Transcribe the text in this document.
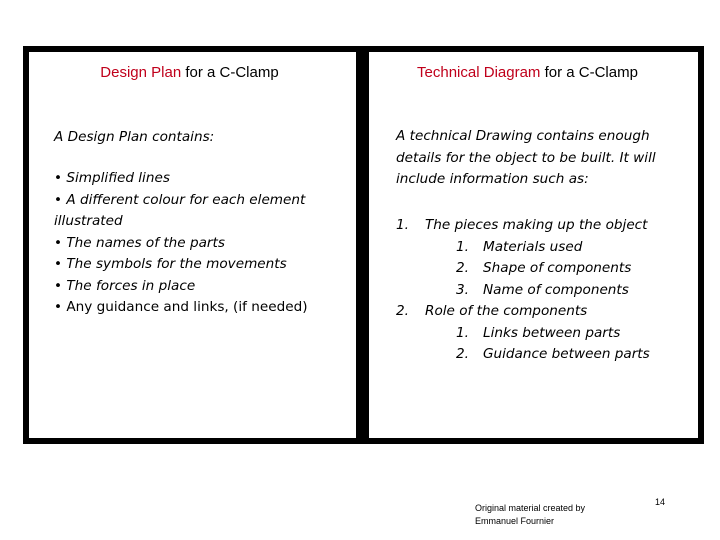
Design Plan for a C-Clamp
A Design Plan contains:
• Simplified lines
• A different colour for each element illustrated
• The names of the parts
• The symbols for the movements
• The forces in place
• Any guidance and links, (if needed)
Technical Diagram for a C-Clamp
A technical Drawing contains enough details for the object to be built. It will include information such as:
1. The pieces making up the object
1. Materials used
2. Shape of components
3. Name of components
2. Role of the components
1. Links between parts
2. Guidance between parts
Original material created by Emmanuel Fournier
14
